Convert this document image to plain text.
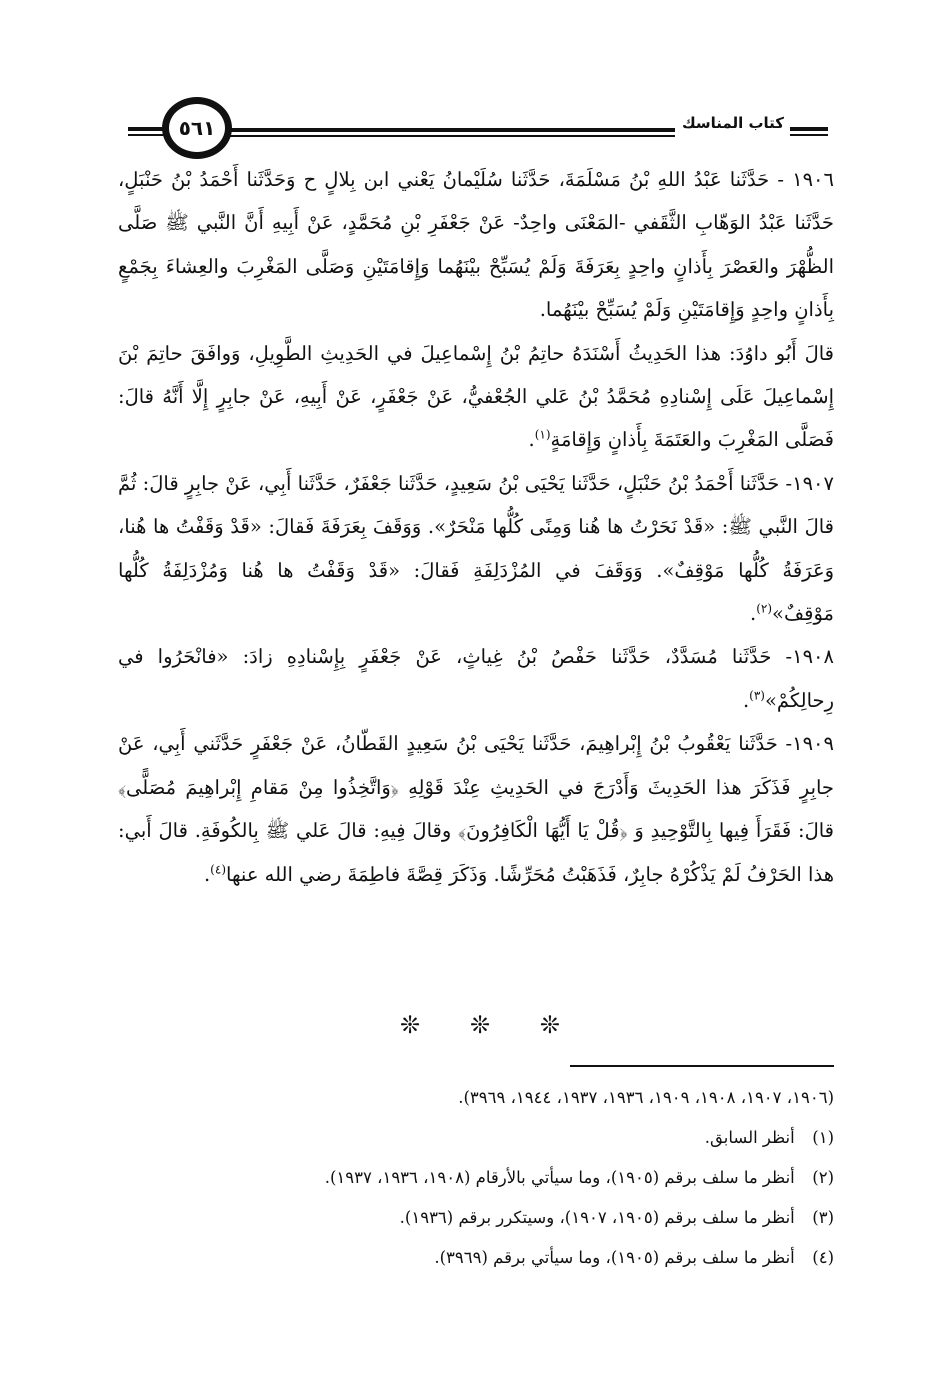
٥٦١	كتاب المناسك

١٩٠٦ - حَدَّثَنا عَبْدُ اللهِ بْنُ مَسْلَمَةَ، حَدَّثَنا سُلَيْمانُ يَعْني ابن بِلالٍ ح وَحَدَّثَنا أَحْمَدُ بْنُ حَنْبَلٍ، حَدَّثَنا عَبْدُ الوَهّابِ الثَّقَفي -المَعْنَى واحِدٌ- عَنْ جَعْفَرِ بْنِ مُحَمَّدٍ، عَنْ أَبِيهِ أَنَّ النَّبي ﷺ صَلَّى الظُّهْرَ والعَصْرَ بِأَذانٍ واحِدٍ بِعَرَفَةَ وَلَمْ يُسَبِّحْ بيْنَهُما وَإِقامَتَيْنِ وَصَلَّى المَغْرِبَ والعِشاءَ بِجَمْعٍ بِأَذانٍ واحِدٍ وَإِقامَتَيْنِ وَلَمْ يُسَبِّحْ بيْنَهُما.

قالَ أَبُو داوُدَ: هذا الحَدِيثُ أَسْنَدَهُ حاتِمُ بْنُ إِسْماعِيلَ في الحَدِيثِ الطَّوِيلِ، وَوافَقَ حاتِمَ بْنَ إِسْماعِيلَ عَلَى إِسْنادِهِ مُحَمَّدُ بْنُ عَلي الجُعْفيُّ، عَنْ جَعْفَرٍ، عَنْ أَبِيهِ، عَنْ جابِرٍ إِلَّا أَنَّهُ قالَ: فَصَلَّى المَغْرِبَ والعَتَمَةَ بِأَذانٍ وَإِقامَةٍ$^{(١)}$.

١٩٠٧- حَدَّثَنا أَحْمَدُ بْنُ حَنْبَلٍ، حَدَّثَنا يَحْيَى بْنُ سَعِيدٍ، حَدَّثَنا جَعْفَرٌ، حَدَّثَنا أَبِي، عَنْ جابِرٍ قالَ: ثُمَّ قالَ النَّبي ﷺ: «قَدْ نَحَرْتُ ها هُنا وَمِنًى كُلُّها مَنْحَرٌ». وَوَقَفَ بِعَرَفَةَ فَقالَ: «قَدْ وَقَفْتُ ها هُنا، وَعَرَفَةُ كُلُّها مَوْقِفٌ». وَوَقَفَ في المُزْدَلِفَةِ فَقالَ: «قَدْ وَقَفْتُ ها هُنا وَمُزْدَلِفَةُ كُلُّها مَوْقِفٌ»$^{(٢)}$.

١٩٠٨- حَدَّثَنا مُسَدَّدٌ، حَدَّثَنا حَفْصُ بْنُ غِياثٍ، عَنْ جَعْفَرٍ بِإِسْنادِهِ زادَ: «فانْحَرُوا في رِحالِكُمْ»$^{(٣)}$.

١٩٠٩- حَدَّثَنا يَعْقُوبُ بْنُ إِبْراهِيمَ، حَدَّثَنا يَحْيَى بْنُ سَعِيدٍ القَطّانُ، عَنْ جَعْفَرٍ حَدَّثَني أَبِي، عَنْ جابِرٍ فَذَكَرَ هذا الحَدِيثَ وَأَدْرَجَ في الحَدِيثِ عِنْدَ قَوْلِهِ ﴿وَاتَّخِذُوا مِنْ مَقامِ إِبْراهِيمَ مُصَلًّى﴾ قالَ: فَقَرَأَ فِيها بِالتَّوْحِيدِ وَ ﴿قُلْ يَا أَيُّهَا الْكَافِرُونَ﴾ وقالَ فِيهِ: قالَ عَلي ﷺ بِالكُوفَةِ. قالَ أَبي: هذا الحَرْفُ لَمْ يَذْكُرْهُ جابِرٌ، فَذَهَبْتُ مُحَرِّشًا. وَذَكَرَ قِصَّةَ فاطِمَةَ رضي الله عنها$^{(٤)}$.

❊ ❊ ❊

(١٩٠٦، ١٩٠٧، ١٩٠٨، ١٩٠٩، ١٩٣٦، ١٩٣٧، ١٩٤٤، ٣٩٦٩).

(١) أنظر السابق.

(٢) أنظر ما سلف برقم (١٩٠٥)، وما سيأتي بالأرقام (١٩٠٨، ١٩٣٦، ١٩٣٧).

(٣) أنظر ما سلف برقم (١٩٠٥، ١٩٠٧)، وسيتكرر برقم (١٩٣٦).

(٤) أنظر ما سلف برقم (١٩٠٥)، وما سيأتي برقم (٣٩٦٩).
